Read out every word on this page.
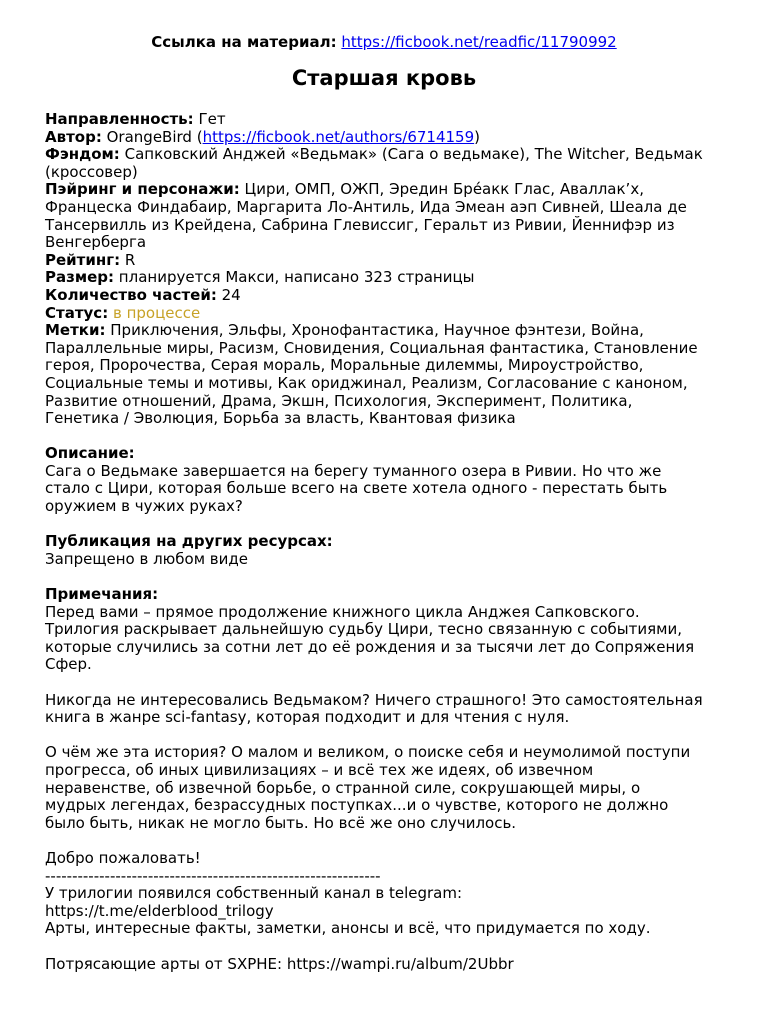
Ссылка на материал: https://ficbook.net/readfic/11790992
Старшая кровь
Направленность: Гет
Автор: OrangeBird (https://ficbook.net/authors/6714159)
Фэндом: Сапковский Анджей «Ведьмак» (Сага о ведьмаке), The Witcher, Ведьмак
(кроссовер)
Пэйринг и персонажи: Цири, ОМП, ОЖП, Эредин Бре́акк Глас, Аваллак’х,
Францеска Финдабаир, Маргарита Ло-Антиль, Ида Эмеан аэп Сивней, Шеала де
Тансервилль из Крейдена, Сабрина Глевиссиг, Геральт из Ривии, Йеннифэр из
Венгерберга
Рейтинг: R
Размер: планируется Макси, написано 323 страницы
Количество частей: 24
Статус: в процессе
Метки: Приключения, Эльфы, Хронофантастика, Научное фэнтези, Война,
Параллельные миры, Расизм, Сновидения, Социальная фантастика, Становление
героя, Пророчества, Серая мораль, Моральные дилеммы, Мироустройство,
Социальные темы и мотивы, Как ориджинал, Реализм, Согласование с каноном,
Развитие отношений, Драма, Экшн, Психология, Эксперимент, Политика,
Генетика / Эволюция, Борьба за власть, Квантовая физика
Описание:
Сага о Ведьмаке завершается на берегу туманного озера в Ривии. Но что же
стало с Цири, которая больше всего на свете хотела одного - перестать быть
оружием в чужих руках?
Публикация на других ресурсах:
Запрещено в любом виде
Примечания:
Перед вами – прямое продолжение книжного цикла Анджея Сапковского.
Трилогия раскрывает дальнейшую судьбу Цири, тесно связанную с событиями,
которые случились за сотни лет до её рождения и за тысячи лет до Сопряжения
Сфер.
Никогда не интересовались Ведьмаком? Ничего страшного! Это самостоятельная
книга в жанре sci-fantasy, которая подходит и для чтения с нуля.
О чём же эта история? О малом и великом, о поиске себя и неумолимой поступи
прогресса, об иных цивилизациях – и всё тех же идеях, об извечном
неравенстве, об извечной борьбе, о странной силе, сокрушающей миры, о
мудрых легендах, безрассудных поступках...и о чувстве, которого не должно
было быть, никак не могло быть. Но всё же оно случилось.
Добро пожаловать!
--------------------------------------------------------------
У трилогии появился собственный канал в telegram:
https://t.me/elderblood_trilogy
Арты, интересные факты, заметки, анонсы и всё, что придумается по ходу.
Потрясающие арты от SXPHE: https://wampi.ru/album/2Ubbr
